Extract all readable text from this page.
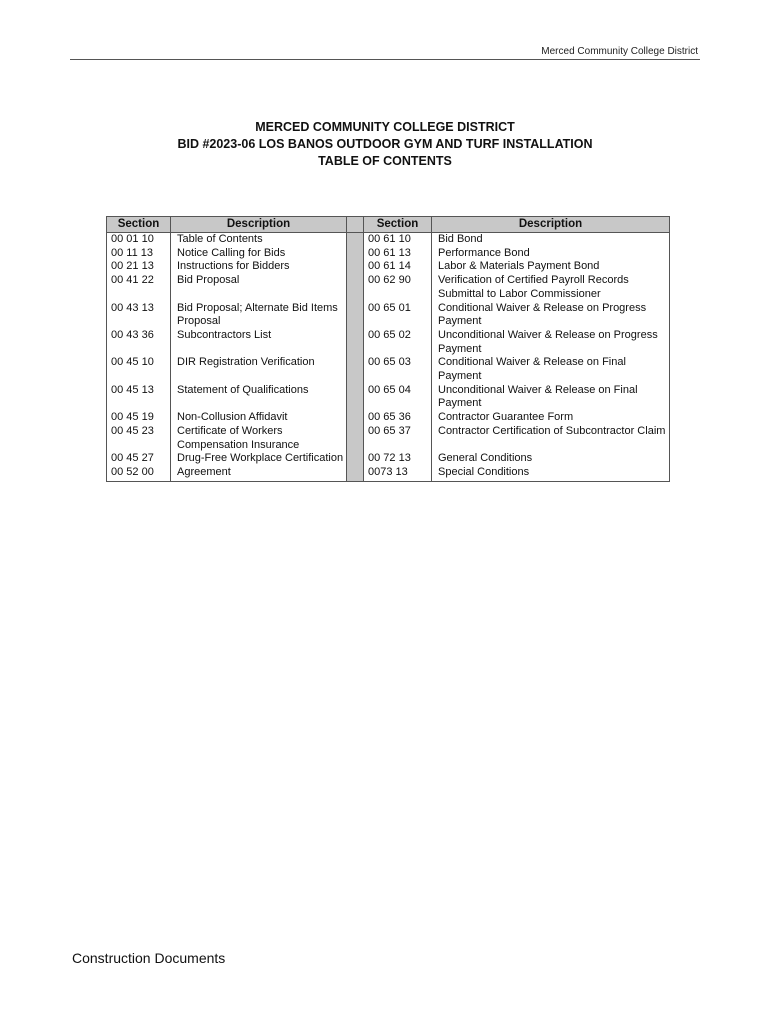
Merced Community College District
MERCED COMMUNITY COLLEGE DISTRICT
BID #2023-06 LOS BANOS OUTDOOR GYM AND TURF INSTALLATION
TABLE OF CONTENTS
Section	Description		Section	Description
00 01 10	Table of Contents		00 61 10	Bid Bond
00 11 13	Notice Calling for Bids		00 61 13	Performance Bond
00 21 13	Instructions for Bidders		00 61 14	Labor & Materials Payment Bond
00 41 22	Bid Proposal		00 62 90	Verification of Certified Payroll Records Submittal to Labor Commissioner
00 43 13	Bid Proposal; Alternate Bid Items Proposal		00 65 01	Conditional Waiver & Release on Progress Payment
00 43 36	Subcontractors List		00 65 02	Unconditional Waiver & Release on Progress Payment
00 45 10	DIR Registration Verification		00 65 03	Conditional Waiver & Release on Final Payment
00 45 13	Statement of Qualifications		00 65 04	Unconditional Waiver & Release on Final Payment
00 45 19	Non-Collusion Affidavit		00 65 36	Contractor Guarantee Form
00 45 23	Certificate of Workers Compensation Insurance		00 65 37	Contractor Certification of Subcontractor Claim
00 45 27	Drug-Free Workplace Certification		00 72 13	General Conditions
00 52 00	Agreement		0073 13	Special Conditions
Construction Documents
